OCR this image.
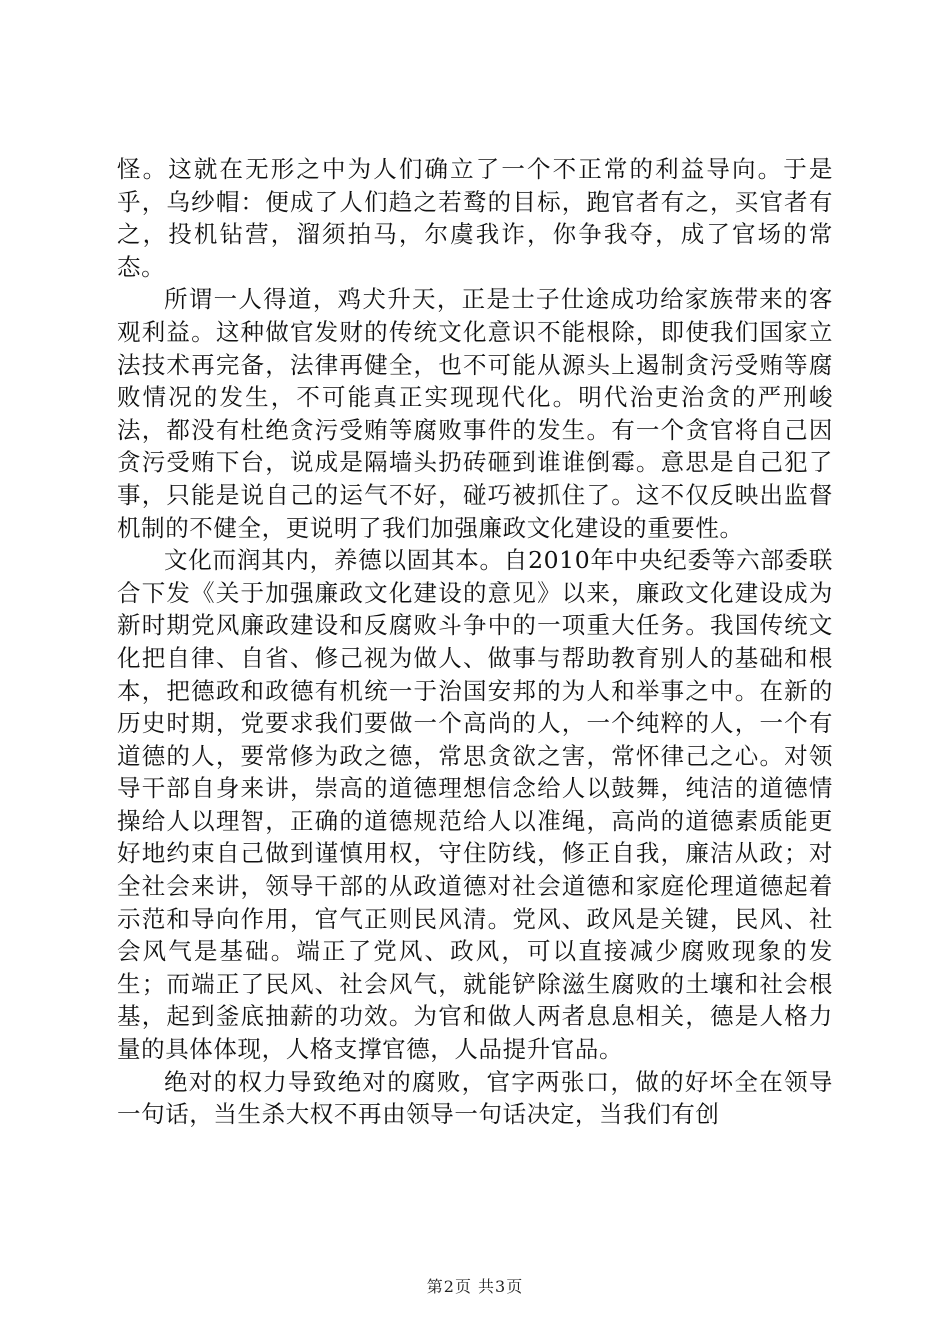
怪。这就在无形之中为人们确立了一个不正常的利益导向。于是乎，乌纱帽：便成了人们趋之若鹜的目标，跑官者有之，买官者有之，投机钻营，溜须拍马，尔虞我诈，你争我夺，成了官场的常态。

所谓一人得道，鸡犬升天，正是士子仕途成功给家族带来的客观利益。这种做官发财的传统文化意识不能根除，即使我们国家立法技术再完备，法律再健全，也不可能从源头上遏制贪污受贿等腐败情况的发生，不可能真正实现现代化。明代治吏治贪的严刑峻法，都没有杜绝贪污受贿等腐败事件的发生。有一个贪官将自己因贪污受贿下台，说成是隔墙头扔砖砸到谁谁倒霉。意思是自己犯了事，只能是说自己的运气不好，碰巧被抓住了。这不仅反映出监督机制的不健全，更说明了我们加强廉政文化建设的重要性。

文化而润其内，养德以固其本。自2010年中央纪委等六部委联合下发《关于加强廉政文化建设的意见》以来，廉政文化建设成为新时期党风廉政建设和反腐败斗争中的一项重大任务。我国传统文化把自律、自省、修己视为做人、做事与帮助教育别人的基础和根本，把德政和政德有机统一于治国安邦的为人和举事之中。在新的历史时期，党要求我们要做一个高尚的人，一个纯粹的人，一个有道德的人，要常修为政之德，常思贪欲之害，常怀律己之心。对领导干部自身来讲，崇高的道德理想信念给人以鼓舞，纯洁的道德情操给人以理智，正确的道德规范给人以准绳，高尚的道德素质能更好地约束自己做到谨慎用权，守住防线，修正自我，廉洁从政；对全社会来讲，领导干部的从政道德对社会道德和家庭伦理道德起着示范和导向作用，官气正则民风清。党风、政风是关键，民风、社会风气是基础。端正了党风、政风，可以直接减少腐败现象的发生；而端正了民风、社会风气，就能铲除滋生腐败的土壤和社会根基，起到釜底抽薪的功效。为官和做人两者息息相关，德是人格力量的具体体现，人格支撑官德，人品提升官品。

绝对的权力导致绝对的腐败，官字两张口，做的好坏全在领导一句话，当生杀大权不再由领导一句话决定，当我们有创

第2页 共3页
